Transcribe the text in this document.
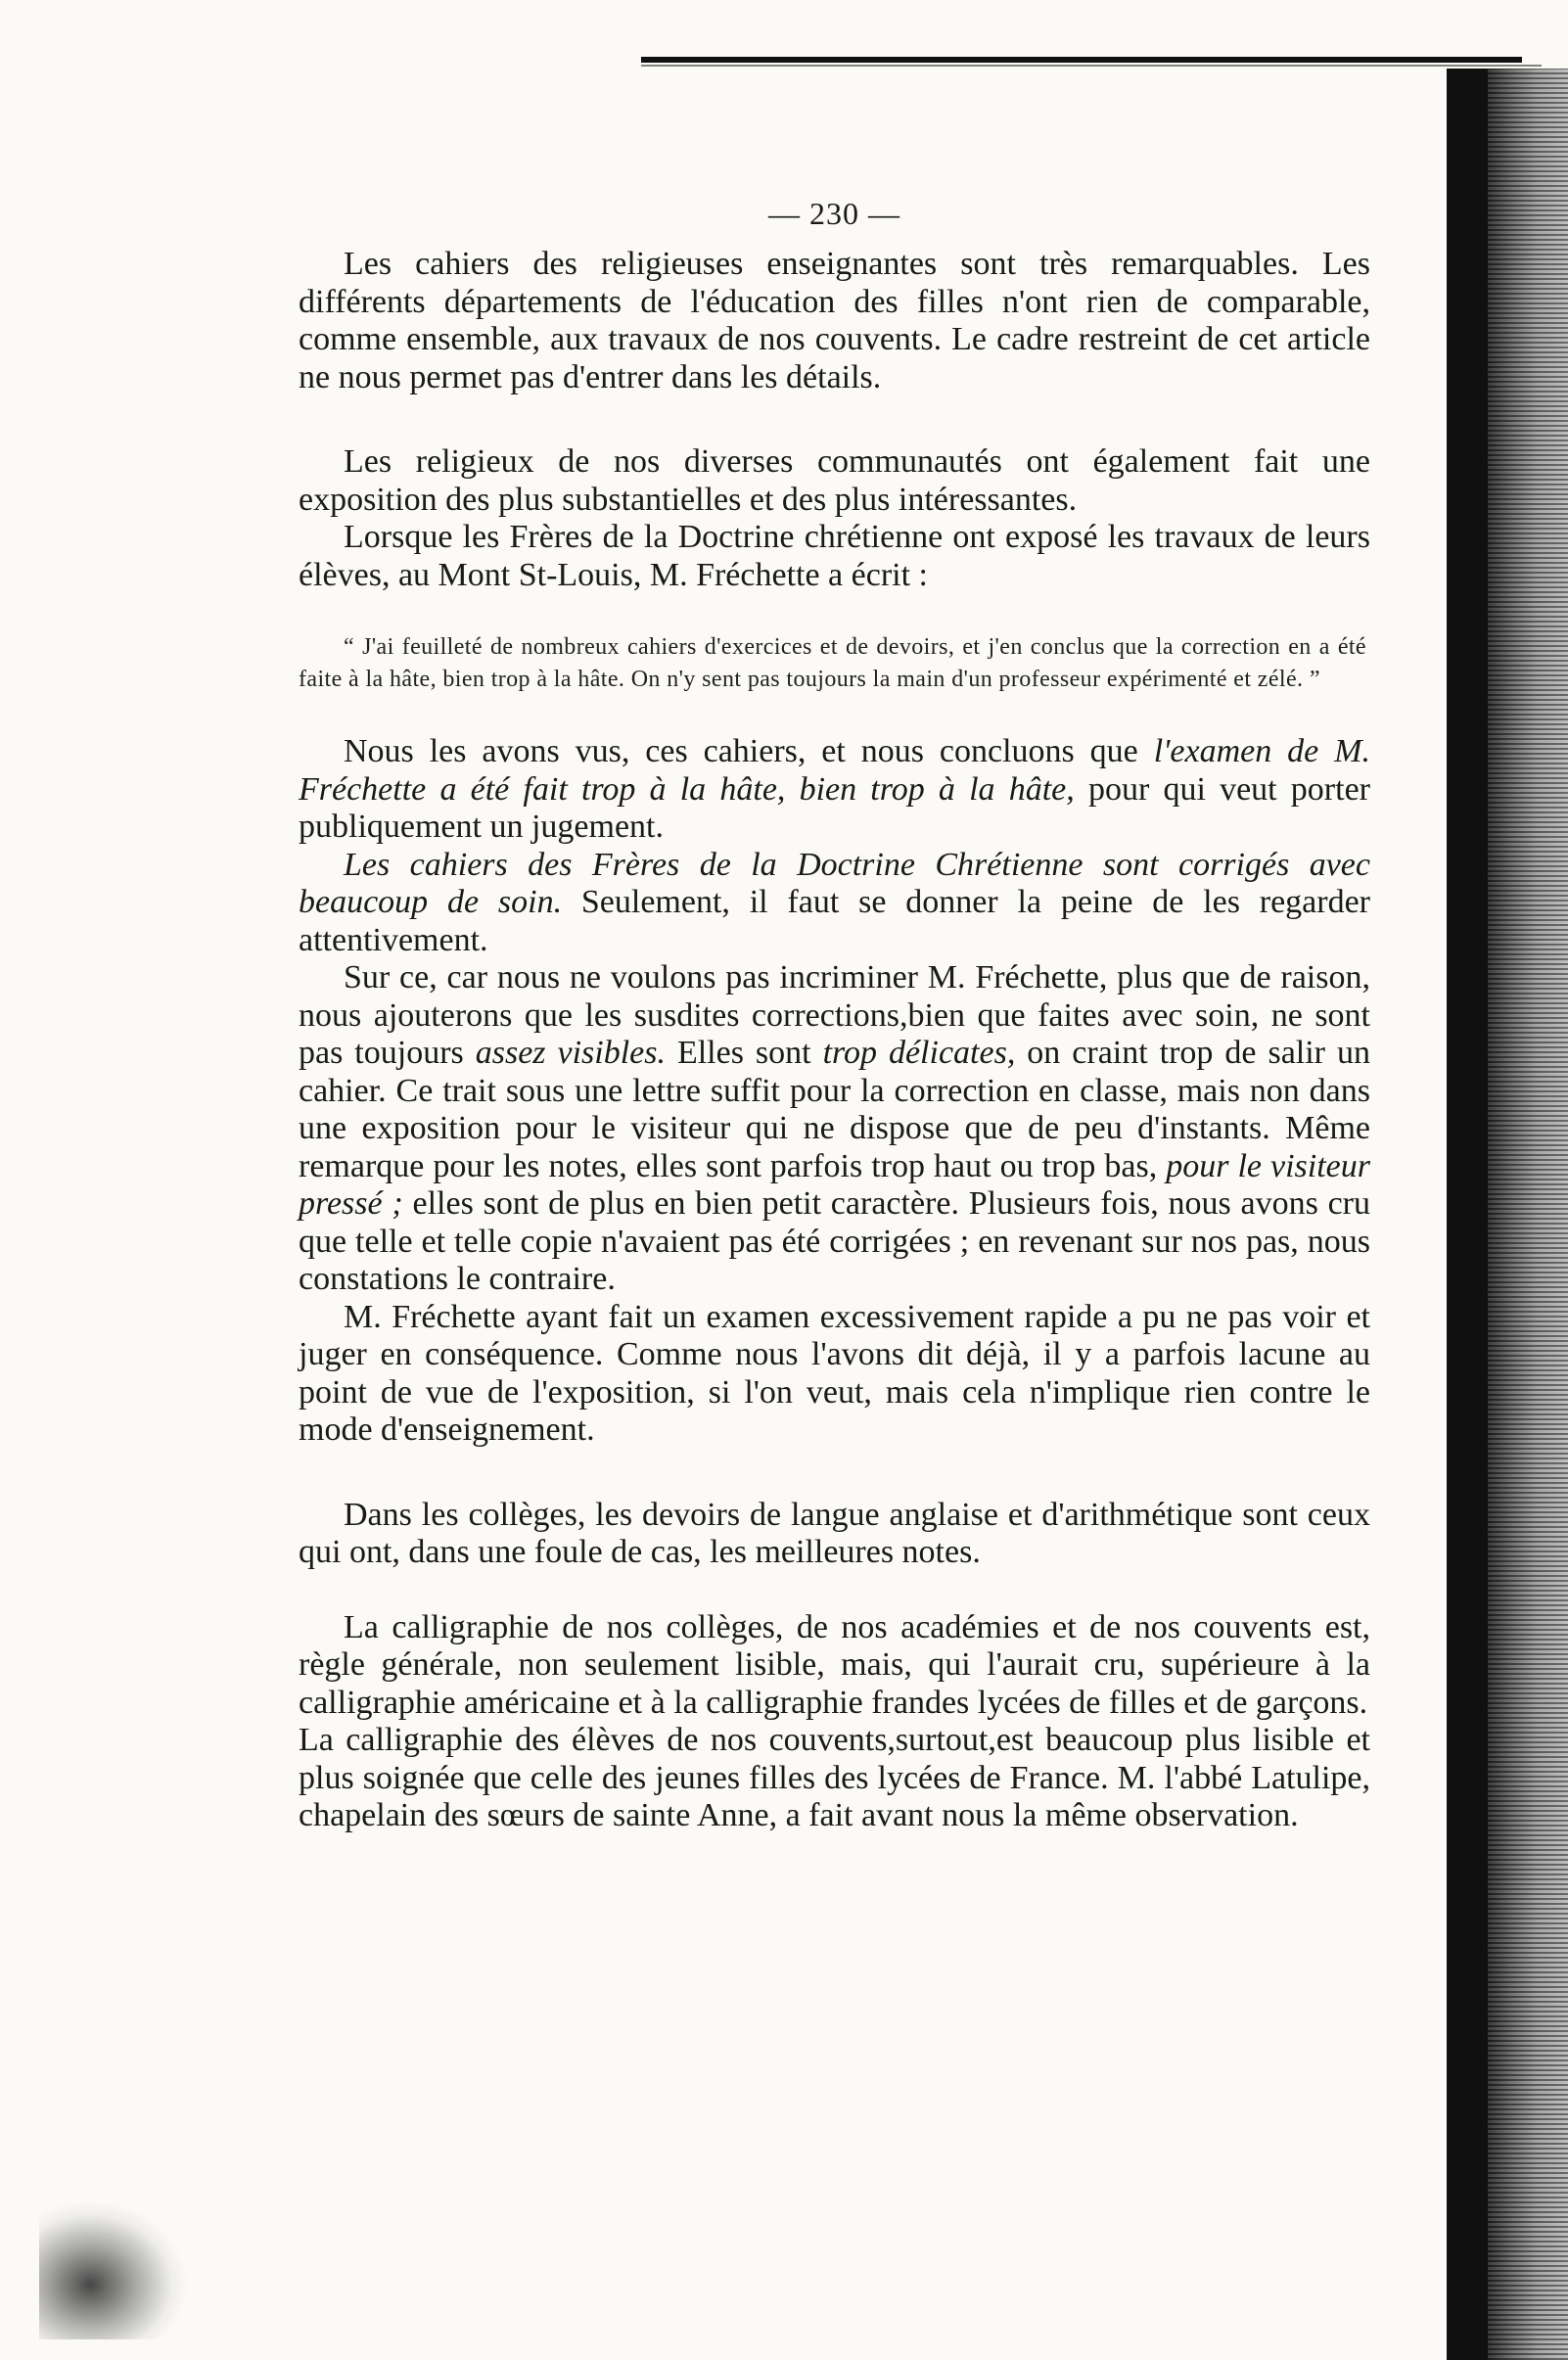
— 230 —

Les cahiers des religieuses enseignantes sont très remarquables. Les différents départements de l'éducation des filles n'ont rien de comparable, comme ensemble, aux travaux de nos couvents. Le cadre restreint de cet article ne nous permet pas d'entrer dans les détails.

Les religieux de nos diverses communautés ont également fait une exposition des plus substantielles et des plus intéressantes.

Lorsque les Frères de la Doctrine chrétienne ont exposé les travaux de leurs élèves, au Mont St-Louis, M. Fréchette a écrit :

“ J'ai feuilleté de nombreux cahiers d'exercices et de devoirs, et j'en conclus que la correction en a été faite à la hâte, bien trop à la hâte. On n'y sent pas toujours la main d'un professeur expérimenté et zélé. ”

Nous les avons vus, ces cahiers, et nous concluons que l'examen de M. Fréchette a été fait trop à la hâte, bien trop à la hâte, pour qui veut porter publiquement un jugement.

Les cahiers des Frères de la Doctrine Chrétienne sont corrigés avec beaucoup de soin. Seulement, il faut se donner la peine de les regarder attentivement.

Sur ce, car nous ne voulons pas incriminer M. Fréchette, plus que de raison, nous ajouterons que les susdites corrections,bien que faites avec soin, ne sont pas toujours assez visibles. Elles sont trop délicates, on craint trop de salir un cahier. Ce trait sous une lettre suffit pour la correction en classe, mais non dans une exposition pour le visiteur qui ne dispose que de peu d'instants. Même remarque pour les notes, elles sont parfois trop haut ou trop bas, pour le visiteur pressé ; elles sont de plus en bien petit caractère. Plusieurs fois, nous avons cru que telle et telle copie n'avaient pas été corrigées ; en revenant sur nos pas, nous constations le contraire.

M. Fréchette ayant fait un examen excessivement rapide a pu ne pas voir et juger en conséquence. Comme nous l'avons dit déjà, il y a parfois lacune au point de vue de l'exposition, si l'on veut, mais cela n'implique rien contre le mode d'enseignement.

Dans les collèges, les devoirs de langue anglaise et d'arithmétique sont ceux qui ont, dans une foule de cas, les meilleures notes.

La calligraphie de nos collèges, de nos académies et de nos couvents est, règle générale, non seulement lisible, mais, qui l'aurait cru, supérieure à la calligraphie américaine et à la calligraphie frandes lycées de filles et de garçons.

La calligraphie des élèves de nos couvents,surtout,est beaucoup plus lisible et plus soignée que celle des jeunes filles des lycées de France. M. l'abbé Latulipe, chapelain des sœurs de sainte Anne, a fait avant nous la même observation.
